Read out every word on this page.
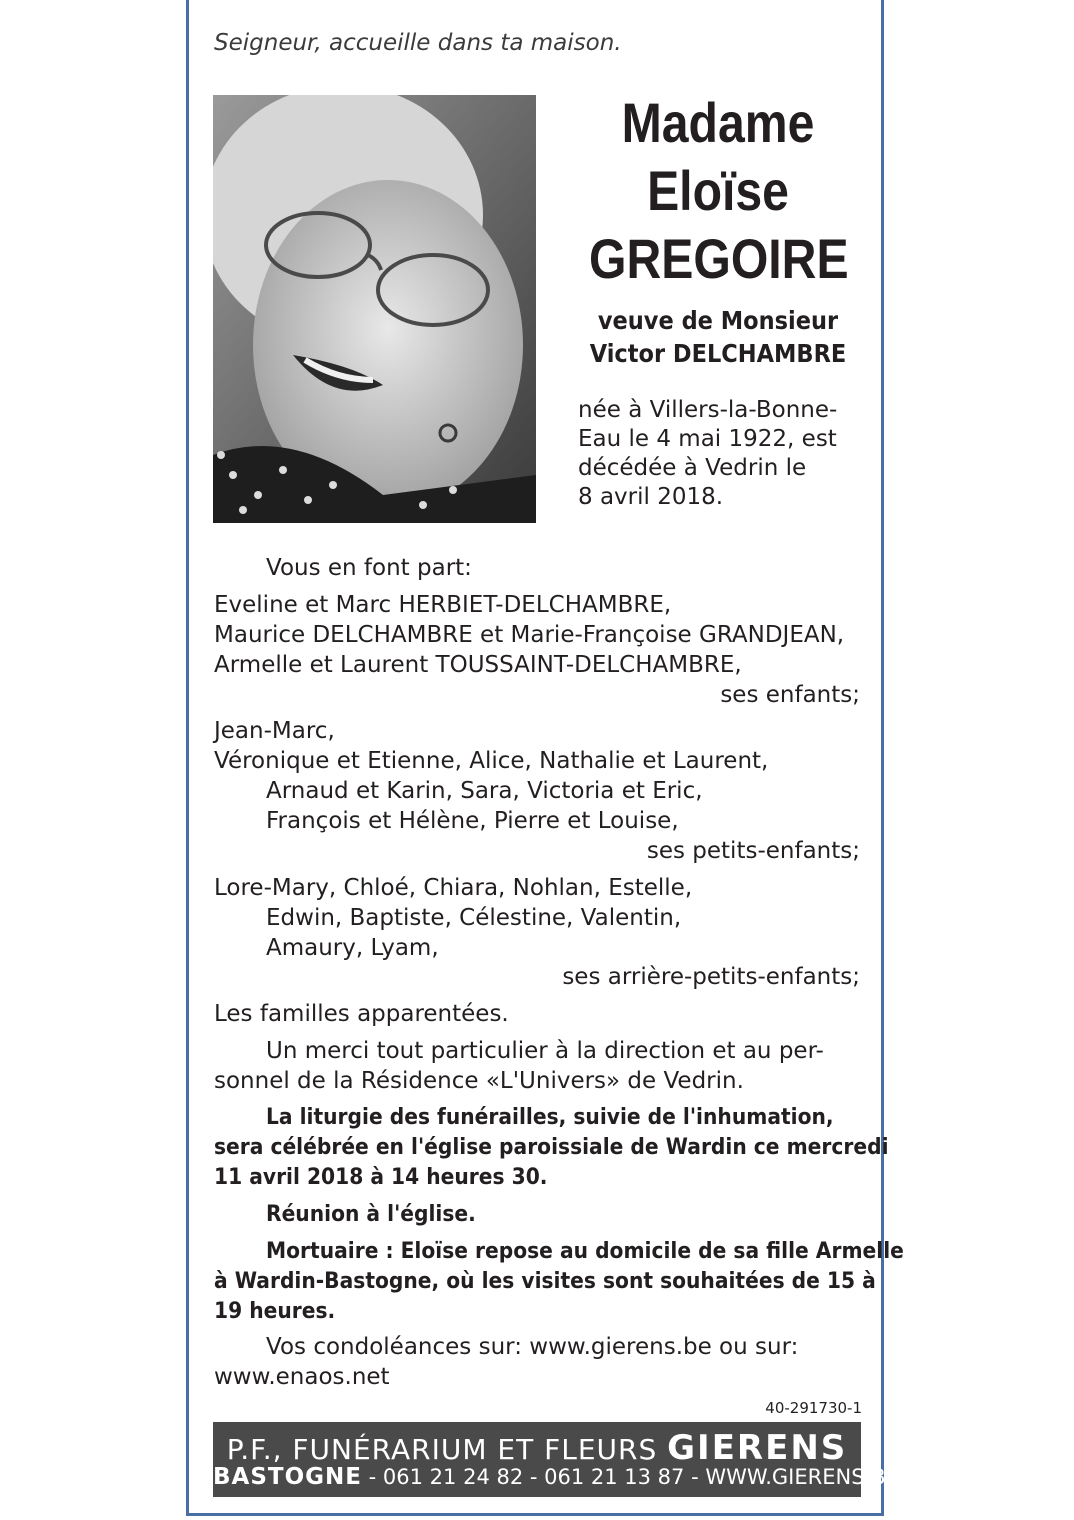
Seigneur, accueille dans ta maison.
Madame
Eloïse
GREGOIRE
veuve de Monsieur
Victor DELCHAMBRE
née à Villers-la-Bonne-
Eau le 4 mai 1922, est
décédée à Vedrin le
8 avril 2018.
Vous en font part:
Eveline et Marc HERBIET-DELCHAMBRE,
Maurice DELCHAMBRE et Marie-Françoise GRANDJEAN,
Armelle et Laurent TOUSSAINT-DELCHAMBRE,
ses enfants;
Jean-Marc,
Véronique et Etienne, Alice, Nathalie et Laurent,
Arnaud et Karin, Sara, Victoria et Eric,
François et Hélène, Pierre et Louise,
ses petits-enfants;
Lore-Mary, Chloé, Chiara, Nohlan, Estelle,
Edwin, Baptiste, Célestine, Valentin,
Amaury, Lyam,
ses arrière-petits-enfants;
Les familles apparentées.
Un merci tout particulier à la direction et au per-
sonnel de la Résidence «L'Univers» de Vedrin.
La liturgie des funérailles, suivie de l'inhumation,
sera célébrée en l'église paroissiale de Wardin ce mercredi
11 avril 2018 à 14 heures 30.
Réunion à l'église.
Mortuaire : Eloïse repose au domicile de sa fille Armelle
à Wardin-Bastogne, où les visites sont souhaitées de 15 à
19 heures.
Vos condoléances sur: www.gierens.be ou sur:
www.enaos.net
40-291730-1
P.F., FUNÉRARIUM ET FLEURS GIERENS
BASTOGNE - 061 21 24 82 - 061 21 13 87 - WWW.GIERENS.BE
